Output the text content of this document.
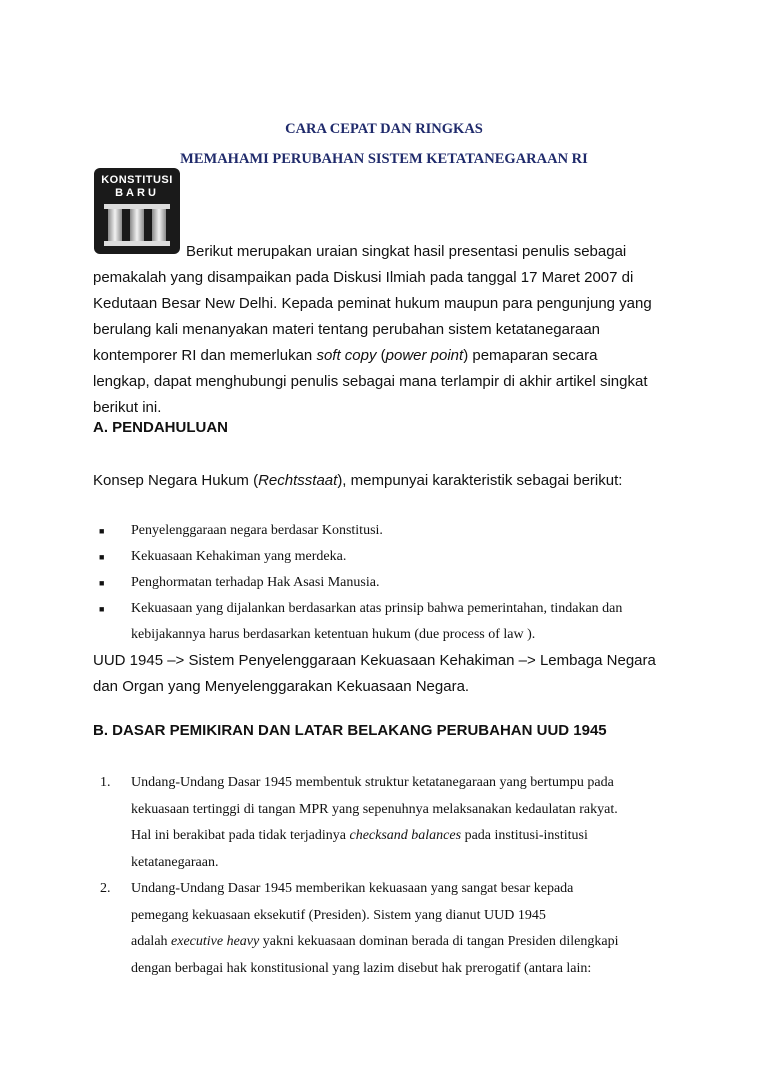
CARA CEPAT DAN RINGKAS
MEMAHAMI PERUBAHAN SISTEM KETATANEGARAAN RI
KONSTITUSI
BARU
Berikut merupakan uraian singkat hasil presentasi penulis sebagai
pemakalah yang disampaikan pada Diskusi Ilmiah pada tanggal 17 Maret 2007 di
Kedutaan Besar New Delhi. Kepada peminat hukum maupun para pengunjung yang
berulang kali menanyakan materi tentang perubahan sistem ketatanegaraan
kontemporer RI dan memerlukan soft copy (power point) pemaparan secara
lengkap, dapat menghubungi penulis sebagai mana terlampir di akhir artikel singkat
berikut ini.
A. PENDAHULUAN
Konsep Negara Hukum (Rechtsstaat), mempunyai karakteristik sebagai berikut:
■ Penyelenggaraan negara berdasar Konstitusi.
■ Kekuasaan Kehakiman yang merdeka.
■ Penghormatan terhadap Hak Asasi Manusia.
■ Kekuasaan yang dijalankan berdasarkan atas prinsip bahwa pemerintahan, tindakan dan
kebijakannya harus berdasarkan ketentuan hukum (due process of law ).
UUD 1945 –> Sistem Penyelenggaraan Kekuasaan Kehakiman –> Lembaga Negara
dan Organ yang Menyelenggarakan Kekuasaan Negara.
B. DASAR PEMIKIRAN DAN LATAR BELAKANG PERUBAHAN UUD 1945
1. Undang-Undang Dasar 1945 membentuk struktur ketatanegaraan yang bertumpu pada
kekuasaan tertinggi di tangan MPR yang sepenuhnya melaksanakan kedaulatan rakyat.
Hal ini berakibat pada tidak terjadinya checksand balances pada institusi-institusi
ketatanegaraan.
2. Undang-Undang Dasar 1945 memberikan kekuasaan yang sangat besar kepada
pemegang kekuasaan eksekutif (Presiden). Sistem yang dianut UUD 1945
adalah executive heavy yakni kekuasaan dominan berada di tangan Presiden dilengkapi
dengan berbagai hak konstitusional yang lazim disebut hak prerogatif (antara lain:
